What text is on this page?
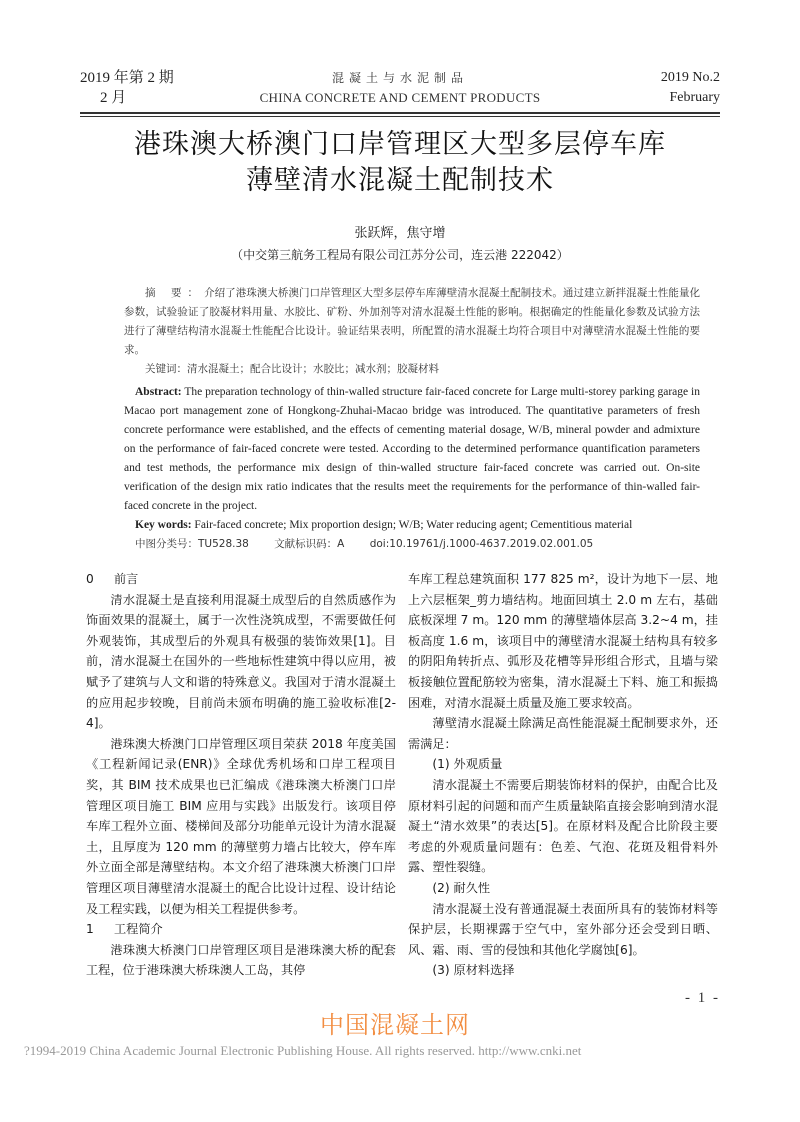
2019 年第 2 期
2 月
混凝土与水泥制品
CHINA CONCRETE AND CEMENT PRODUCTS
2019 No.2
February
港珠澳大桥澳门口岸管理区大型多层停车库
薄壁清水混凝土配制技术
张跃辉，焦守增
（中交第三航务工程局有限公司江苏分公司，连云港 222042）
摘 要：介绍了港珠澳大桥澳门口岸管理区大型多层停车库薄壁清水混凝土配制技术。通过建立新拌混凝土性能量化参数，试验验证了胶凝材料用量、水胶比、矿粉、外加剂等对清水混凝土性能的影响。根据确定的性能量化参数及试验方法进行了薄壁结构清水混凝土性能配合比设计。验证结果表明，所配置的清水混凝土均符合项目中对薄壁清水混凝土性能的要求。
关键词：清水混凝土；配合比设计；水胶比；减水剂；胶凝材料
Abstract: The preparation technology of thin-walled structure fair-faced concrete for Large multi-storey parking garage in Macao port management zone of Hongkong-Zhuhai-Macao bridge was introduced. The quantitative parameters of fresh concrete performance were established, and the effects of cementing material dosage, W/B, mineral powder and admixture on the performance of fair-faced concrete were tested. According to the determined performance quantification parameters and test methods, the performance mix design of thin-walled structure fair-faced concrete was carried out. On-site verification of the design mix ratio indicates that the results meet the requirements for the performance of thin-walled fair-faced concrete in the project.
Key words: Fair-faced concrete; Mix proportion design; W/B; Water reducing agent; Cementitious material
中图分类号：TU528.38 文献标识码：A doi:10.19761/j.1000-4637.2019.02.001.05
0 前言
清水混凝土是直接利用混凝土成型后的自然质感作为饰面效果的混凝土，属于一次性浇筑成型，不需要做任何外观装饰，其成型后的外观具有极强的装饰效果[1]。目前，清水混凝土在国外的一些地标性建筑中得以应用，被赋予了建筑与人文和谐的特殊意义。我国对于清水混凝土的应用起步较晚，目前尚未颁布明确的施工验收标准[2-4]。
港珠澳大桥澳门口岸管理区项目荣获 2018 年度美国《工程新闻记录(ENR)》全球优秀机场和口岸工程项目奖，其 BIM 技术成果也已汇编成《港珠澳大桥澳门口岸管理区项目施工 BIM 应用与实践》出版发行。该项目停车库工程外立面、楼梯间及部分功能单元设计为清水混凝土，且厚度为 120 mm 的薄壁剪力墙占比较大，停车库外立面全部是薄壁结构。本文介绍了港珠澳大桥澳门口岸管理区项目薄壁清水混凝土的配合比设计过程、设计结论及工程实践，以便为相关工程提供参考。
1 工程简介
港珠澳大桥澳门口岸管理区项目是港珠澳大桥的配套工程，位于港珠澳大桥珠澳人工岛，其停
车库工程总建筑面积 177 825 m²，设计为地下一层、地上六层框架_剪力墙结构。地面回填土 2.0 m 左右，基础底板深埋 7 m。120 mm 的薄壁墙体层高 3.2~4 m，挂板高度 1.6 m，该项目中的薄壁清水混凝土结构具有较多的阴阳角转折点、弧形及花槽等异形组合形式，且墙与梁板接触位置配筋较为密集，清水混凝土下料、施工和振捣困难，对清水混凝土质量及施工要求较高。
薄壁清水混凝土除满足高性能混凝土配制要求外，还需满足：
(1) 外观质量
清水混凝土不需要后期装饰材料的保护，由配合比及原材料引起的问题和而产生质量缺陷直接会影响到清水混凝土“清水效果”的表达[5]。在原材料及配合比阶段主要考虑的外观质量问题有：色差、气泡、花斑及粗骨料外露、塑性裂缝。
(2) 耐久性
清水混凝土没有普通混凝土表面所具有的装饰材料等保护层，长期裸露于空气中，室外部分还会受到日晒、风、霜、雨、雪的侵蚀和其他化学腐蚀[6]。
(3) 原材料选择
- 1 -
中国混凝土网
?1994-2019 China Academic Journal Electronic Publishing House. All rights reserved. http://www.cnki.net
